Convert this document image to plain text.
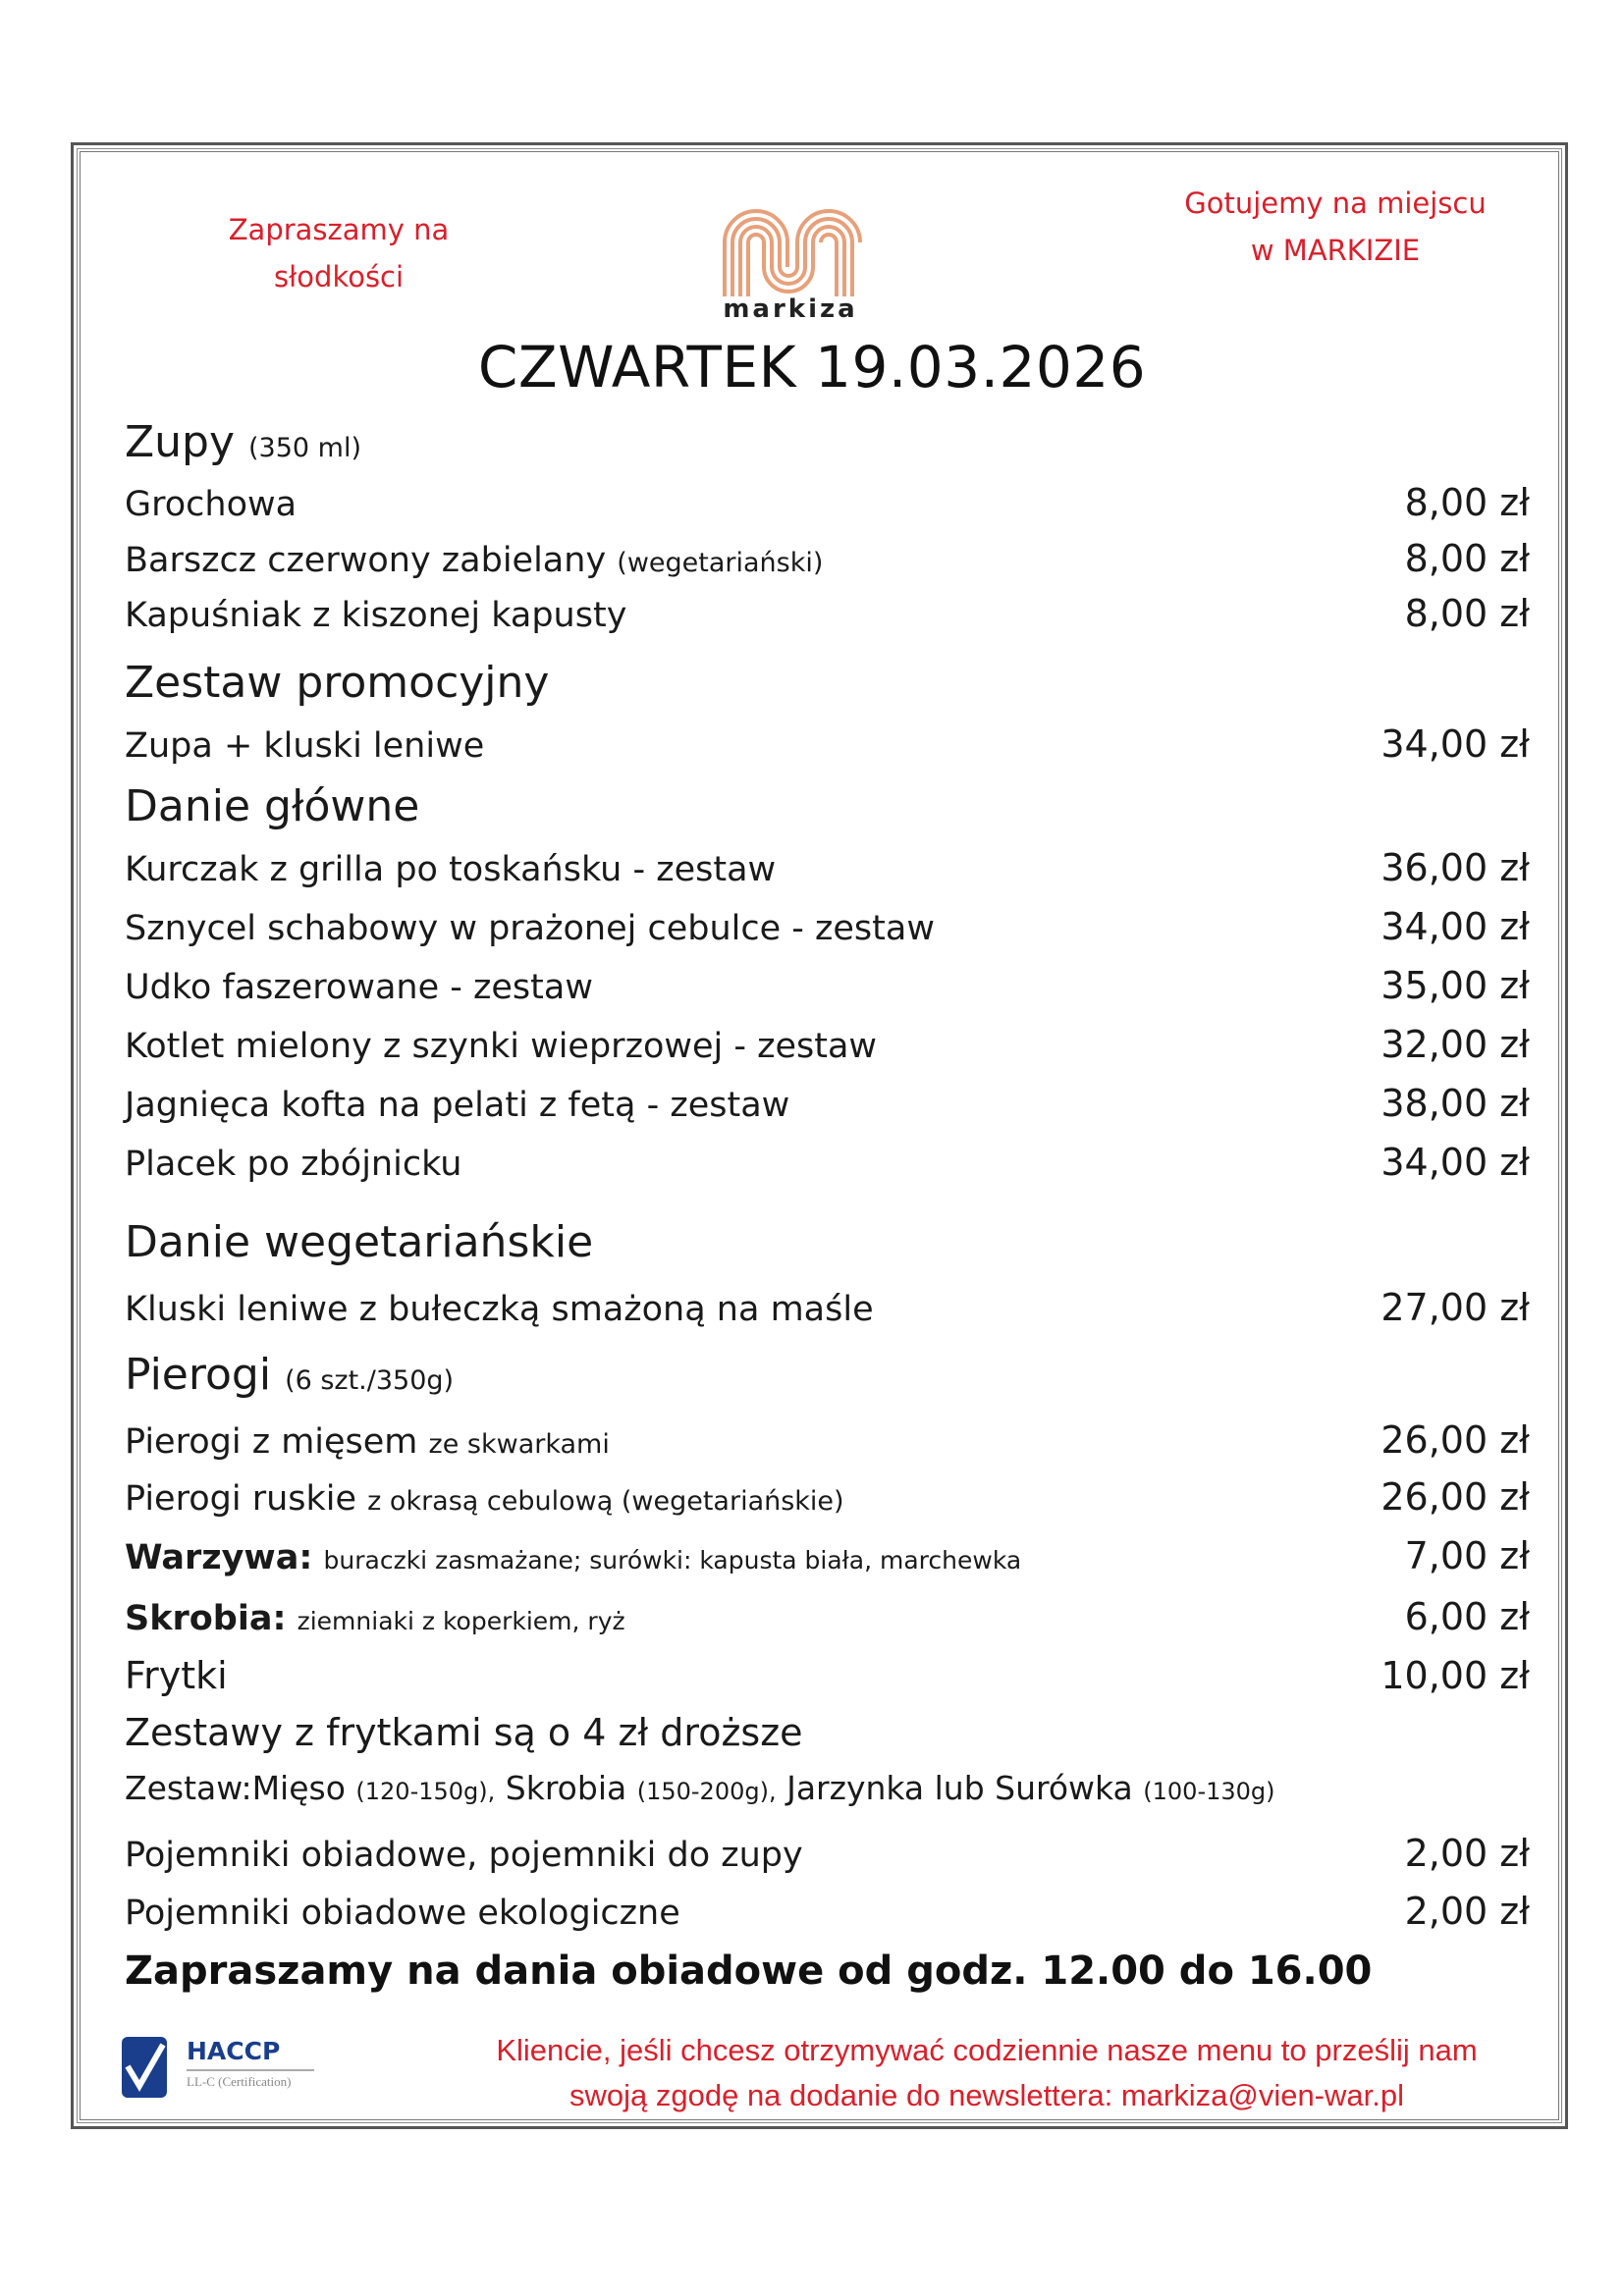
Zapraszamy na
słodkości
markiza
Gotujemy na miejscu
w MARKIZIE
CZWARTEK 19.03.2026
Zupy (350 ml)
Grochowa	8,00 zł
Barszcz czerwony zabielany (wegetariański)	8,00 zł
Kapuśniak z kiszonej kapusty	8,00 zł
Zestaw promocyjny
Zupa + kluski leniwe	34,00 zł
Danie główne
Kurczak z grilla po toskańsku - zestaw	36,00 zł
Sznycel schabowy w prażonej cebulce - zestaw	34,00 zł
Udko faszerowane - zestaw	35,00 zł
Kotlet mielony z szynki wieprzowej - zestaw	32,00 zł
Jagnięca kofta na pelati z fetą - zestaw	38,00 zł
Placek po zbójnicku	34,00 zł
Danie wegetariańskie
Kluski leniwe z bułeczką smażoną na maśle	27,00 zł
Pierogi (6 szt./350g)
Pierogi z mięsem ze skwarkami	26,00 zł
Pierogi ruskie z okrasą cebulową (wegetariańskie)	26,00 zł
Warzywa: buraczki zasmażane; surówki: kapusta biała, marchewka	7,00 zł
Skrobia: ziemniaki z koperkiem, ryż	6,00 zł
Frytki	10,00 zł
Zestawy z frytkami są o 4 zł droższe
Zestaw:Mięso (120-150g), Skrobia (150-200g), Jarzynka lub Surówka (100-130g)
Pojemniki obiadowe, pojemniki do zupy	2,00 zł
Pojemniki obiadowe ekologiczne	2,00 zł
Zapraszamy na dania obiadowe od godz. 12.00 do 16.00
HACCP
LL-C (Certification)
Kliencie, jeśli chcesz otrzymywać codziennie nasze menu to prześlij nam
swoją zgodę na dodanie do newslettera: markiza@vien-war.pl
